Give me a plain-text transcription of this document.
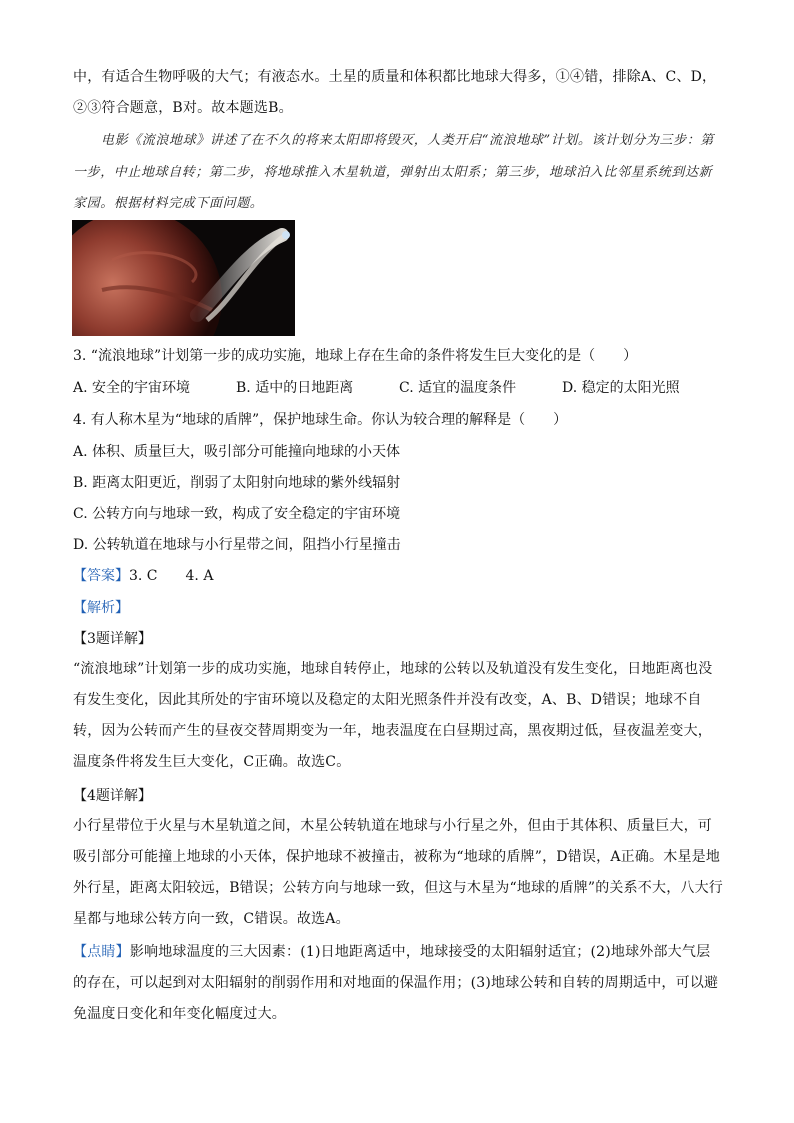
中，有适合生物呼吸的大气；有液态水。土星的质量和体积都比地球大得多，①④错，排除A、C、D，②③符合题意，B对。故本题选B。

电影《流浪地球》讲述了在不久的将来太阳即将毁灭，人类开启“流浪地球”计划。该计划分为三步：第一步，中止地球自转；第二步，将地球推入木星轨道，弹射出太阳系；第三步，地球泊入比邻星系统到达新家园。根据材料完成下面问题。

3. “流浪地球”计划第一步的成功实施，地球上存在生命的条件将发生巨大变化的是（　　）
A. 安全的宇宙环境	B. 适中的日地距离	C. 适宜的温度条件	D. 稳定的太阳光照
4. 有人称木星为“地球的盾牌”，保护地球生命。你认为较合理的解释是（　　）
A. 体积、质量巨大，吸引部分可能撞向地球的小天体
B. 距离太阳更近，削弱了太阳射向地球的紫外线辐射
C. 公转方向与地球一致，构成了安全稳定的宇宙环境
D. 公转轨道在地球与小行星带之间，阻挡小行星撞击
【答案】3. C　　4. A
【解析】
【3题详解】

“流浪地球”计划第一步的成功实施，地球自转停止，地球的公转以及轨道没有发生变化，日地距离也没有发生变化，因此其所处的宇宙环境以及稳定的太阳光照条件并没有改变，A、B、D错误；地球不自转，因为公转而产生的昼夜交替周期变为一年，地表温度在白昼期过高，黑夜期过低，昼夜温差变大，温度条件将发生巨大变化，C正确。故选C。

【4题详解】

小行星带位于火星与木星轨道之间，木星公转轨道在地球与小行星之外，但由于其体积、质量巨大，可吸引部分可能撞上地球的小天体，保护地球不被撞击，被称为“地球的盾牌”，D错误，A正确。木星是地外行星，距离太阳较远，B错误；公转方向与地球一致，但这与木星为“地球的盾牌”的关系不大，八大行星都与地球公转方向一致，C错误。故选A。

【点睛】影响地球温度的三大因素：(1)日地距离适中，地球接受的太阳辐射适宜；(2)地球外部大气层的存在，可以起到对太阳辐射的削弱作用和对地面的保温作用；(3)地球公转和自转的周期适中，可以避免温度日变化和年变化幅度过大。
